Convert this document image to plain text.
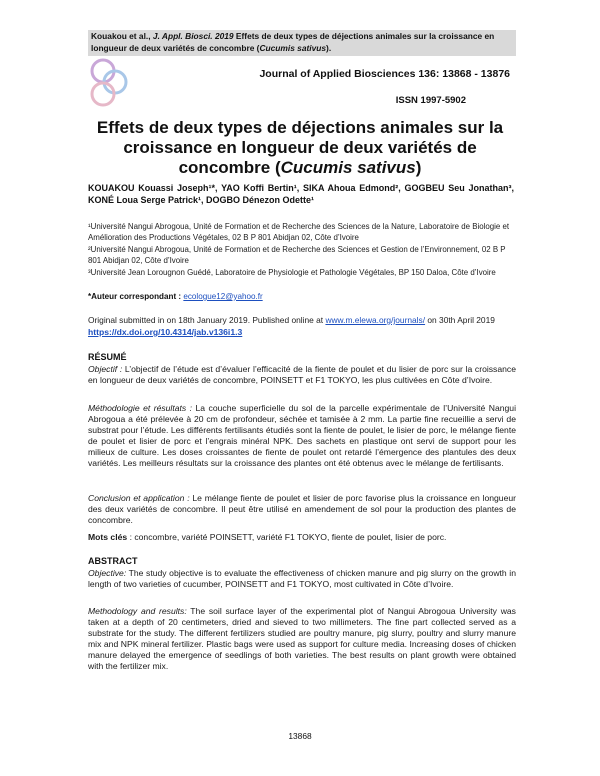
Kouakou et al., J. Appl. Biosci. 2019 Effets de deux types de déjections animales sur la croissance en longueur de deux variétés de concombre (Cucumis sativus).
Journal of Applied Biosciences 136: 13868 - 13876
ISSN 1997-5902
Effets de deux types de déjections animales sur la croissance en longueur de deux variétés de concombre (Cucumis sativus)
KOUAKOU Kouassi Joseph¹*, YAO Koffi Bertin¹, SIKA Ahoua Edmond², GOGBEU Seu Jonathan³, KONÉ Loua Serge Patrick¹, DOGBO Dénezon Odette¹
¹Université Nangui Abrogoua, Unité de Formation et de Recherche des Sciences de la Nature, Laboratoire de Biologie et Amélioration des Productions Végétales, 02 B P 801 Abidjan 02, Côte d’Ivoire
²Université Nangui Abrogoua, Unité de Formation et de Recherche des Sciences et Gestion de l’Environnement, 02 B P 801 Abidjan 02, Côte d’Ivoire
³Université Jean Lorougnon Guédé, Laboratoire de Physiologie et Pathologie Végétales, BP 150 Daloa, Côte d’Ivoire
*Auteur correspondant : ecologue12@yahoo.fr
Original submitted in on 18th January 2019. Published online at www.m.elewa.org/journals/ on 30th April 2019
https://dx.doi.org/10.4314/jab.v136i1.3
RÉSUMÉ
Objectif : L’objectif de l’étude est d’évaluer l’efficacité de la fiente de poulet et du lisier de porc sur la croissance en longueur de deux variétés de concombre, POINSETT et F1 TOKYO, les plus cultivées en Côte d’Ivoire.
Méthodologie et résultats : La couche superficielle du sol de la parcelle expérimentale de l’Université Nangui Abrogoua a été prélevée à 20 cm de profondeur, séchée et tamisée à 2 mm. La partie fine recueillie a servi de substrat pour l’étude. Les différents fertilisants étudiés sont la fiente de poulet, le lisier de porc, le mélange fiente de poulet et lisier de porc et l’engrais minéral NPK. Des sachets en plastique ont servi de support pour les milieux de culture. Les doses croissantes de fiente de poulet ont retardé l’émergence des plantules des deux variétés. Les meilleurs résultats sur la croissance des plantes ont été obtenus avec le mélange de fertilisants.
Conclusion et application : Le mélange fiente de poulet et lisier de porc favorise plus la croissance en longueur des deux variétés de concombre. Il peut être utilisé en amendement de sol pour la production des plantes de concombre.
Mots clés : concombre, variété POINSETT, variété F1 TOKYO, fiente de poulet, lisier de porc.
ABSTRACT
Objective: The study objective is to evaluate the effectiveness of chicken manure and pig slurry on the growth in length of two varieties of cucumber, POINSETT and F1 TOKYO, most cultivated in Côte d’Ivoire.
Methodology and results: The soil surface layer of the experimental plot of Nangui Abrogoua University was taken at a depth of 20 centimeters, dried and sieved to two millimeters. The fine part collected served as a substrate for the study. The different fertilizers studied are poultry manure, pig slurry, poultry and slurry manure mix and NPK mineral fertilizer. Plastic bags were used as support for culture media. Increasing doses of chicken manure delayed the emergence of seedlings of both varieties. The best results on plant growth were obtained with the fertilizer mix.
13868
